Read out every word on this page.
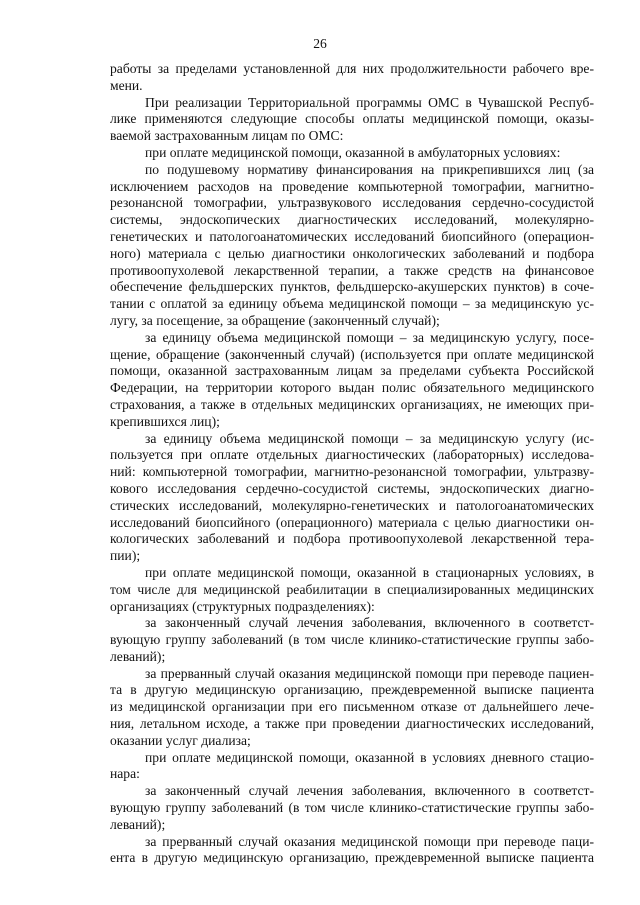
26
работы за пределами установленной для них продолжительности рабочего вре-
мени.
При реализации Территориальной программы ОМС в Чувашской Респуб-
лике применяются следующие способы оплаты медицинской помощи, оказы-
ваемой застрахованным лицам по ОМС:
при оплате медицинской помощи, оказанной в амбулаторных условиях:
по подушевому нормативу финансирования на прикрепившихся лиц (за
исключением расходов на проведение компьютерной томографии, магнитно-
резонансной томографии, ультразвукового исследования сердечно-сосудистой
системы, эндоскопических диагностических исследований, молекулярно-
генетических и патологоанатомических исследований биопсийного (операцион-
ного) материала с целью диагностики онкологических заболеваний и подбора
противоопухолевой лекарственной терапии, а также средств на финансовое
обеспечение фельдшерских пунктов, фельдшерско-акушерских пунктов) в соче-
тании с оплатой за единицу объема медицинской помощи – за медицинскую ус-
лугу, за посещение, за обращение (законченный случай);
за единицу объема медицинской помощи – за медицинскую услугу, посе-
щение, обращение (законченный случай) (используется при оплате медицинской
помощи, оказанной застрахованным лицам за пределами субъекта Российской
Федерации, на территории которого выдан полис обязательного медицинского
страхования, а также в отдельных медицинских организациях, не имеющих при-
крепившихся лиц);
за единицу объема медицинской помощи – за медицинскую услугу (ис-
пользуется при оплате отдельных диагностических (лабораторных) исследова-
ний: компьютерной томографии, магнитно-резонансной томографии, ультразву-
кового исследования сердечно-сосудистой системы, эндоскопических диагно-
стических исследований, молекулярно-генетических и патологоанатомических
исследований биопсийного (операционного) материала с целью диагностики он-
кологических заболеваний и подбора противоопухолевой лекарственной тера-
пии);
при оплате медицинской помощи, оказанной в стационарных условиях, в
том числе для медицинской реабилитации в специализированных медицинских
организациях (структурных подразделениях):
за законченный случай лечения заболевания, включенного в соответст-
вующую группу заболеваний (в том числе клинико-статистические группы забо-
леваний);
за прерванный случай оказания медицинской помощи при переводе пациен-
та в другую медицинскую организацию, преждевременной выписке пациента
из медицинской организации при его письменном отказе от дальнейшего лече-
ния, летальном исходе, а также при проведении диагностических исследований,
оказании услуг диализа;
при оплате медицинской помощи, оказанной в условиях дневного стацио-
нара:
за законченный случай лечения заболевания, включенного в соответст-
вующую группу заболеваний (в том числе клинико-статистические группы забо-
леваний);
за прерванный случай оказания медицинской помощи при переводе паци-
ента в другую медицинскую организацию, преждевременной выписке пациента
